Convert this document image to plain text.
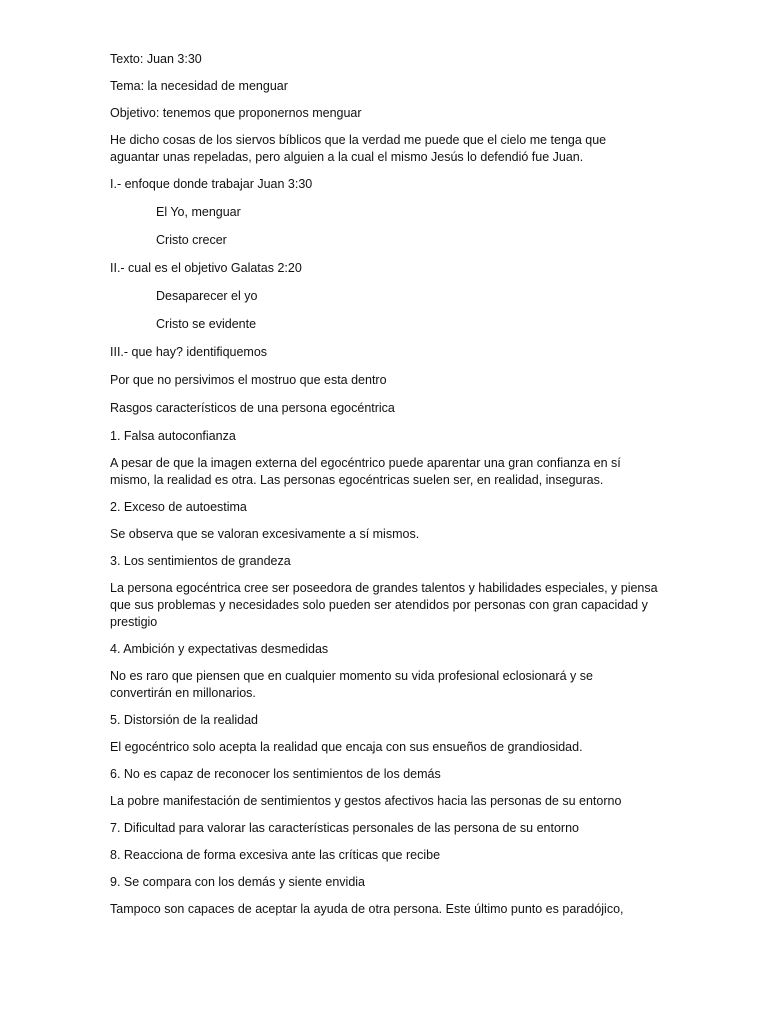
Texto: Juan 3:30

Tema: la necesidad de menguar

Objetivo: tenemos que proponernos menguar

He dicho cosas de los siervos bíblicos que la verdad me puede que el cielo me tenga que aguantar unas repeladas, pero alguien a la cual el mismo Jesús lo defendió fue Juan.

I.- enfoque donde trabajar Juan 3:30

El Yo, menguar

Cristo crecer

II.- cual es el objetivo Galatas 2:20

Desaparecer el yo

Cristo se evidente

III.- que hay? identifiquemos

Por que no persivimos el mostruo que esta dentro

Rasgos característicos de una persona egocéntrica

1. Falsa autoconfianza

A pesar de que la imagen externa del egocéntrico puede aparentar una gran confianza en sí mismo, la realidad es otra. Las personas egocéntricas suelen ser, en realidad, inseguras.

2. Exceso de autoestima

Se observa que se valoran excesivamente a sí mismos.

3. Los sentimientos de grandeza

La persona egocéntrica cree ser poseedora de grandes talentos y habilidades especiales, y piensa que sus problemas y necesidades solo pueden ser atendidos por personas con gran capacidad y prestigio

4. Ambición y expectativas desmedidas

No es raro que piensen que en cualquier momento su vida profesional eclosionará y se convertirán en millonarios.

5. Distorsión de la realidad

El egocéntrico solo acepta la realidad que encaja con sus ensueños de grandiosidad.

6. No es capaz de reconocer los sentimientos de los demás

La pobre manifestación de sentimientos y gestos afectivos hacia las personas de su entorno

7. Dificultad para valorar las características personales de las persona de su entorno

8. Reacciona de forma excesiva ante las críticas que recibe

9. Se compara con los demás y siente envidia

Tampoco son capaces de aceptar la ayuda de otra persona. Este último punto es paradójico,
